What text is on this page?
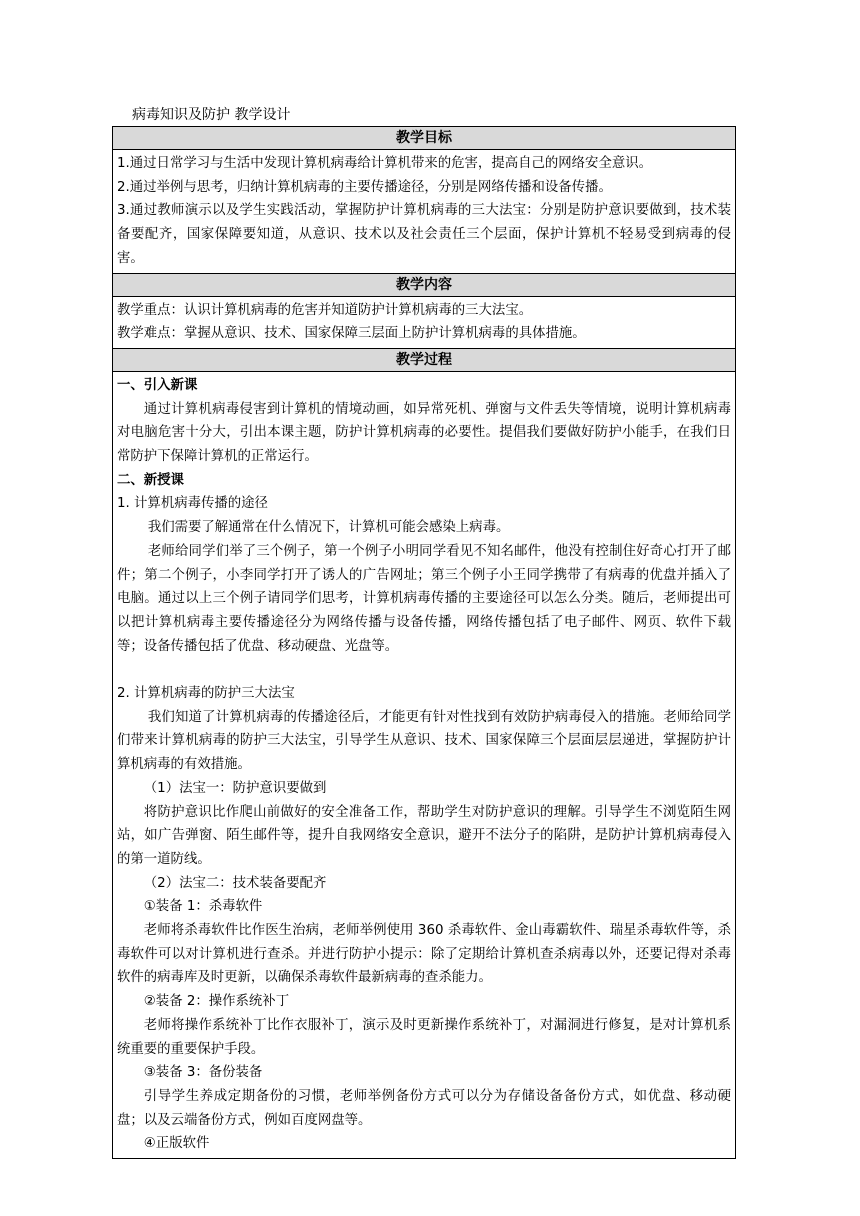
病毒知识及防护 教学设计
教学目标

1.通过日常学习与生活中发现计算机病毒给计算机带来的危害，提高自己的网络安全意识。

2.通过举例与思考，归纳计算机病毒的主要传播途径，分别是网络传播和设备传播。

3.通过教师演示以及学生实践活动，掌握防护计算机病毒的三大法宝：分别是防护意识要做到，技术装备要配齐，国家保障要知道，从意识、技术以及社会责任三个层面，保护计算机不轻易受到病毒的侵害。

教学内容

教学重点：认识计算机病毒的危害并知道防护计算机病毒的三大法宝。

教学难点：掌握从意识、技术、国家保障三层面上防护计算机病毒的具体措施。

教学过程

一、引入新课

通过计算机病毒侵害到计算机的情境动画，如异常死机、弹窗与文件丢失等情境，说明计算机病毒对电脑危害十分大，引出本课主题，防护计算机病毒的必要性。提倡我们要做好防护小能手，在我们日常防护下保障计算机的正常运行。

二、新授课

1. 计算机病毒传播的途径

我们需要了解通常在什么情况下，计算机可能会感染上病毒。

老师给同学们举了三个例子，第一个例子小明同学看见不知名邮件，他没有控制住好奇心打开了邮件；第二个例子，小李同学打开了诱人的广告网址；第三个例子小王同学携带了有病毒的优盘并插入了电脑。通过以上三个例子请同学们思考，计算机病毒传播的主要途径可以怎么分类。随后，老师提出可以把计算机病毒主要传播途径分为网络传播与设备传播，网络传播包括了电子邮件、网页、软件下载等；设备传播包括了优盘、移动硬盘、光盘等。

2. 计算机病毒的防护三大法宝

我们知道了计算机病毒的传播途径后，才能更有针对性找到有效防护病毒侵入的措施。老师给同学们带来计算机病毒的防护三大法宝，引导学生从意识、技术、国家保障三个层面层层递进，掌握防护计算机病毒的有效措施。

（1）法宝一：防护意识要做到

将防护意识比作爬山前做好的安全准备工作，帮助学生对防护意识的理解。引导学生不浏览陌生网站，如广告弹窗、陌生邮件等，提升自我网络安全意识，避开不法分子的陷阱，是防护计算机病毒侵入的第一道防线。

（2）法宝二：技术装备要配齐

①装备 1：杀毒软件

老师将杀毒软件比作医生治病，老师举例使用 360 杀毒软件、金山毒霸软件、瑞星杀毒软件等，杀毒软件可以对计算机进行查杀。并进行防护小提示：除了定期给计算机查杀病毒以外，还要记得对杀毒软件的病毒库及时更新，以确保杀毒软件最新病毒的查杀能力。

②装备 2：操作系统补丁

老师将操作系统补丁比作衣服补丁，演示及时更新操作系统补丁，对漏洞进行修复，是对计算机系统重要的重要保护手段。

③装备 3：备份装备

引导学生养成定期备份的习惯，老师举例备份方式可以分为存储设备备份方式，如优盘、移动硬盘；以及云端备份方式，例如百度网盘等。

④正版软件
